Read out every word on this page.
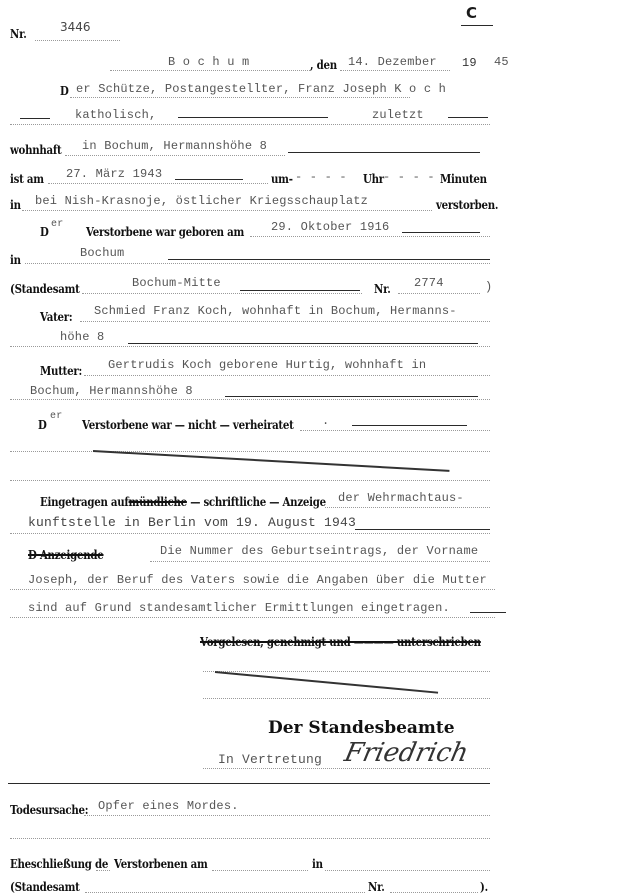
C
Nr.	3446
B o c h u m	, den 14. Dezember 19 45
D er Schütze, Postangestellter, Franz Joseph K o c h
katholisch,	zuletzt
wohnhaft in Bochum, Hermannshöhe 8
ist am 27. März 1943	um- - - - - Uhr - - - - Minuten
in bei Nish-Krasnoje, östlicher Kriegsschauplatz	verstorben.
D
er
Verstorbene war geboren am 29. Oktober 1916
in	Bochum
(Standesamt	Bochum-Mitte	Nr. 2774	)
Vater: Schmied Franz Koch, wohnhaft in Bochum, Hermanns-
höhe 8
Mutter: Gertrudis Koch geborene Hurtig, wohnhaft in
Bochum, Hermannshöhe 8
D
er
Verstorbene war — nicht — verheiratet .
Eingetragen aufmündliche — schriftliche — Anzeige der Wehrmachtaus-
kunftstelle in Berlin vom 19. August 1943
D Anzeigende	Die Nummer des Geburtseintrags, der Vorname
Joseph, der Beruf des Vaters sowie die Angaben über die Mutter
sind auf Grund standesamtlicher Ermittlungen eingetragen.
Vorgelesen, genehmigt und ———— unterschrieben
Der Standesbeamte
In Vertretung Friedrich
Todesursache: Opfer eines Mordes.
Eheschließung de Verstorbenen am	in
(Standesamt	Nr.	).
